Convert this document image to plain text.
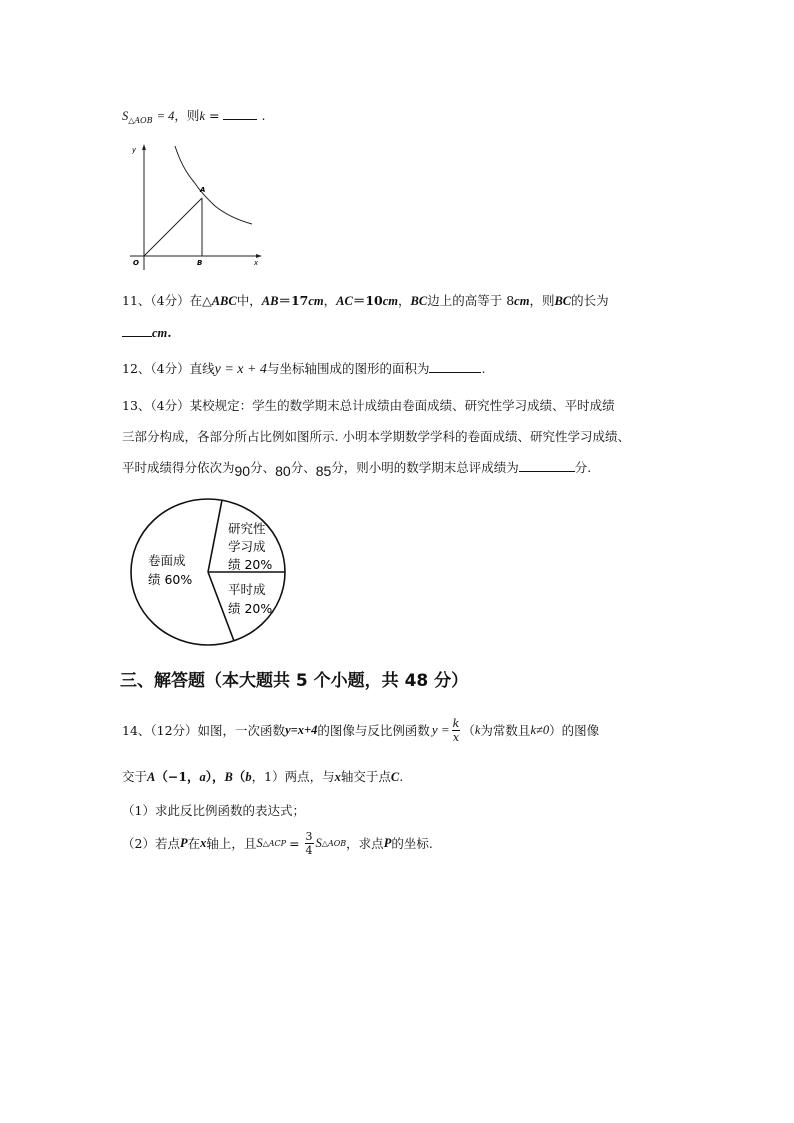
$S_{\triangle AOB} = 4$，则k =	.
y
x
O
A
B
11、（4分）在△ABC中，AB＝17cm，AC＝10cm，BC边上的高等于 8cm，则BC的长为
cm.
12、（4分）直线y = x + 4与坐标轴围成的图形的面积为	.
13、（4分）某校规定：学生的数学期末总计成绩由卷面成绩、研究性学习成绩、平时成绩
三部分构成，各部分所占比例如图所示. 小明本学期数学学科的卷面成绩、研究性学习成绩、
平时成绩得分依次为90分、80分、85分，则小明的数学期末总评成绩为	分.
卷面成
绩 60%
研究性
学习成
绩 20%
平时成
绩 20%
三、解答题（本大题共 5 个小题，共 48 分）
14、（12分）如图，一次函数 y=x+4 的图像与反比例函数 $y = \frac{k}{x}$ （ k 为常数且 k≠0 ）的图像
交于A（−1，a），B（b，1）两点，与x轴交于点C.
（1）求此反比例函数的表达式；
（2）若点 P 在 x 轴上，且 S △ACP = $\frac{3}{4}$ S △AOB ，求点 P 的坐标.
